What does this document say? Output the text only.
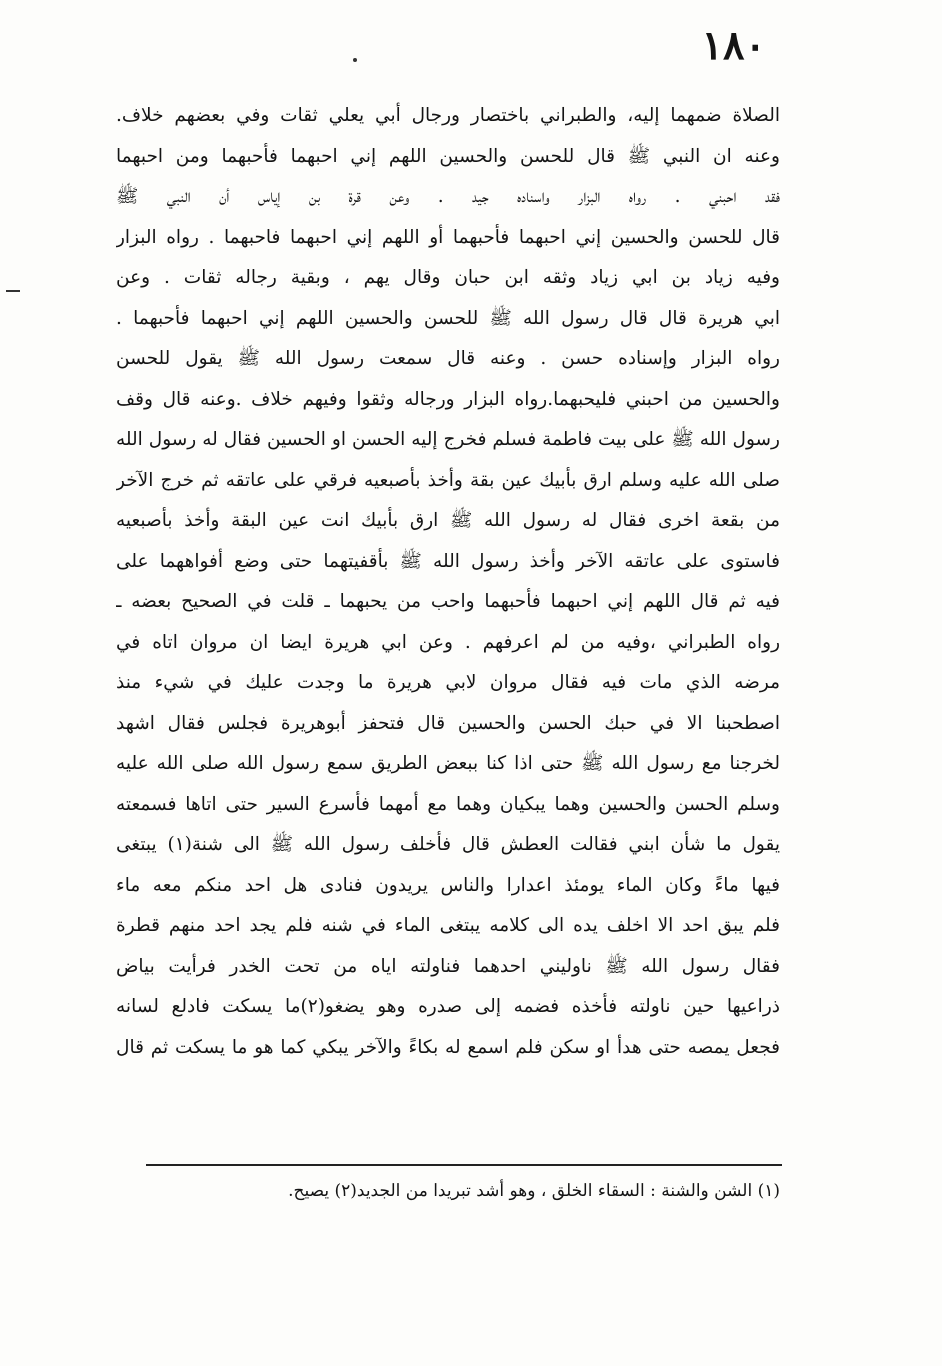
١٨٠
الصلاة ضمهما إليه، والطبراني باختصار ورجال أبي يعلي ثقات وفي بعضهم خلاف.
وعنه ان النبي ﷺ قال للحسن والحسين اللهم إني احبهما فأحبهما ومن احبهما
فقد احبني . رواه البزار واسناده جيد . وعن قرة بن إياس أن النبي ﷺ
قال للحسن والحسين إني احبهما فأحبهما أو اللهم إني احبهما فاحبهما . رواه البزار
وفيه زياد بن ابي زياد وثقه ابن حبان وقال يهم ، وبقية رجاله ثقات . وعن
ابي هريرة قال قال رسول الله ﷺ للحسن والحسين اللهم إني احبهما فأحبهما .
رواه البزار وإسناده حسن . وعنه قال سمعت رسول الله ﷺ يقول للحسن
والحسين من احبني فليحبهما.رواه البزار ورجاله وثقوا وفيهم خلاف .وعنه قال وقف
رسول الله ﷺ على بيت فاطمة فسلم فخرج إليه الحسن او الحسين فقال له رسول الله
صلى الله عليه وسلم ارق بأبيك عين بقة وأخذ بأصبعيه فرقي على عاتقه ثم خرج الآخر
من بقعة اخرى فقال له رسول الله ﷺ ارق بأبيك انت عين البقة وأخذ بأصبعيه
فاستوى على عاتقه الآخر وأخذ رسول الله ﷺ بأقفيتهما حتى وضع أفواههما على
فيه ثم قال اللهم إني احبهما فأحبهما واحب من يحبهما ـ قلت في الصحيح بعضه ـ
رواه الطبراني ،وفيه من لم اعرفهم . وعن ابي هريرة ايضا ان مروان اتاه في
مرضه الذي مات فيه فقال مروان لابي هريرة ما وجدت عليك في شيء منذ
اصطحبنا الا في حبك الحسن والحسين قال فتحفز أبوهريرة فجلس فقال اشهد
لخرجنا مع رسول الله ﷺ حتى اذا كنا ببعض الطريق سمع رسول الله صلى الله عليه
وسلم الحسن والحسين وهما يبكيان وهما مع أمهما فأسرع السير حتى اتاها فسمعته
يقول ما شأن ابني فقالت العطش قال فأخلف رسول الله ﷺ الى شنة(١) يبتغى
فيها ماءً وكان الماء يومئذ اعدارا والناس يريدون فنادى هل احد منكم معه ماء
فلم يبق احد الا اخلف يده الى كلامه يبتغى الماء في شنه فلم يجد احد منهم قطرة
فقال رسول الله ﷺ ناوليني احدهما فناولته اياه من تحت الخدر فرأيت بياض
ذراعيها حين ناولته فأخذه فضمه إلى صدره وهو يضغو(٢)ما يسكت فادلع لسانه
فجعل يمصه حتى هدأ او سكن فلم اسمع له بكاءً والآخر يبكي كما هو ما يسكت ثم قال
(١) الشن والشنة : السقاء الخلق ، وهو أشد تبريدا من الجديد(٢) يصيح.
